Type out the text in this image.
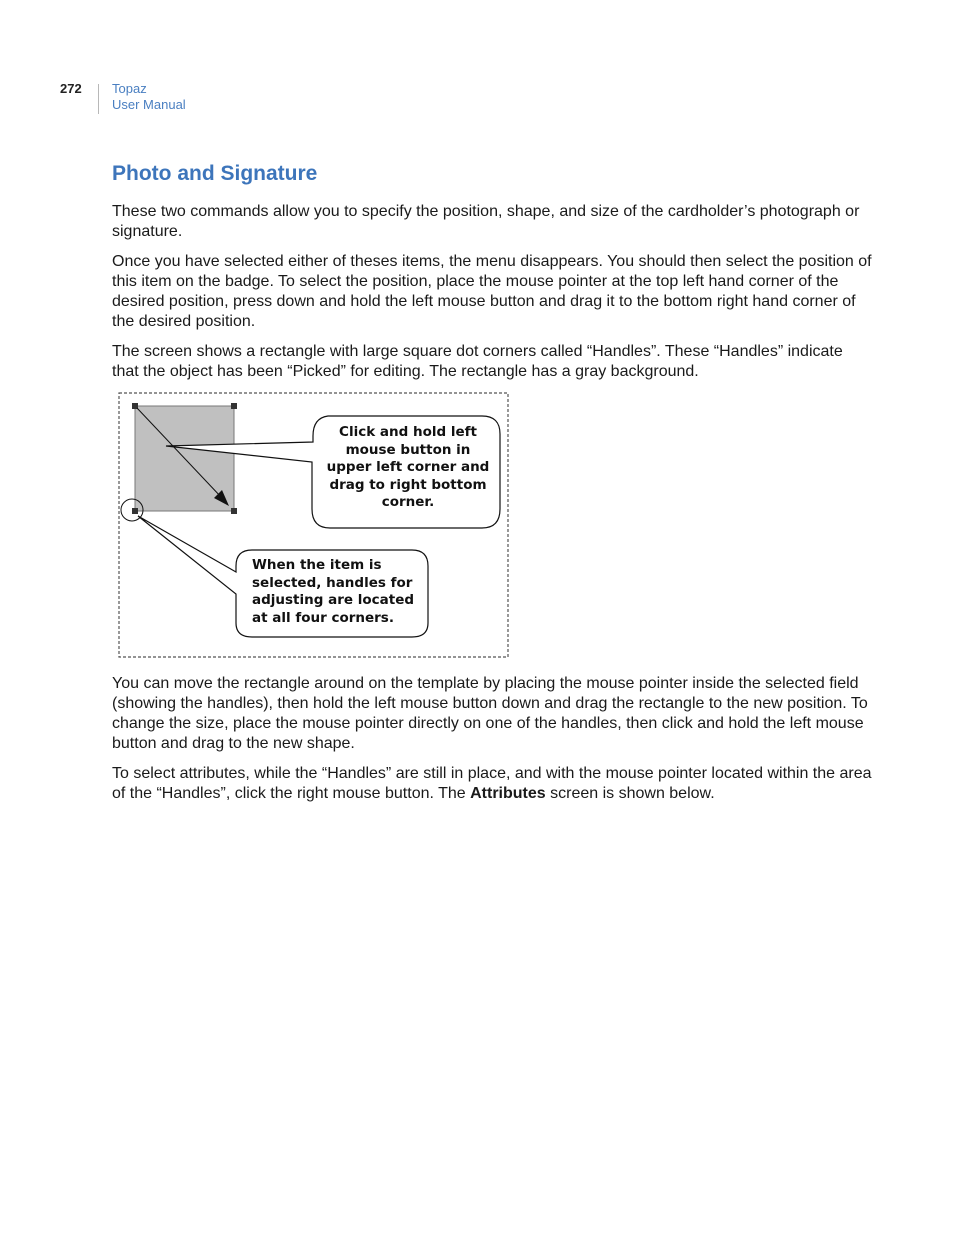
272 Topaz
User Manual
Photo and Signature

These two commands allow you to specify the position, shape, and size of the cardholder’s photograph or signature.

Once you have selected either of theses items, the menu disappears. You should then select the position of this item on the badge. To select the position, place the mouse pointer at the top left hand corner of the desired position, press down and hold the left mouse button and drag it to the bottom right hand corner of the desired position.

The screen shows a rectangle with large square dot corners called “Handles”. These “Handles” indicate that the object has been “Picked” for editing. The rectangle has a gray background.

Click and hold left
mouse button in
upper left corner and
drag to right bottom
corner.
When the item is
selected, handles for
adjusting are located
at all four corners.

You can move the rectangle around on the template by placing the mouse pointer inside the selected field (showing the handles), then hold the left mouse button down and drag the rectangle to the new position. To change the size, place the mouse pointer directly on one of the handles, then click and hold the left mouse button and drag to the new shape.

To select attributes, while the “Handles” are still in place, and with the mouse pointer located within the area of the “Handles”, click the right mouse button. The Attributes screen is shown below.
